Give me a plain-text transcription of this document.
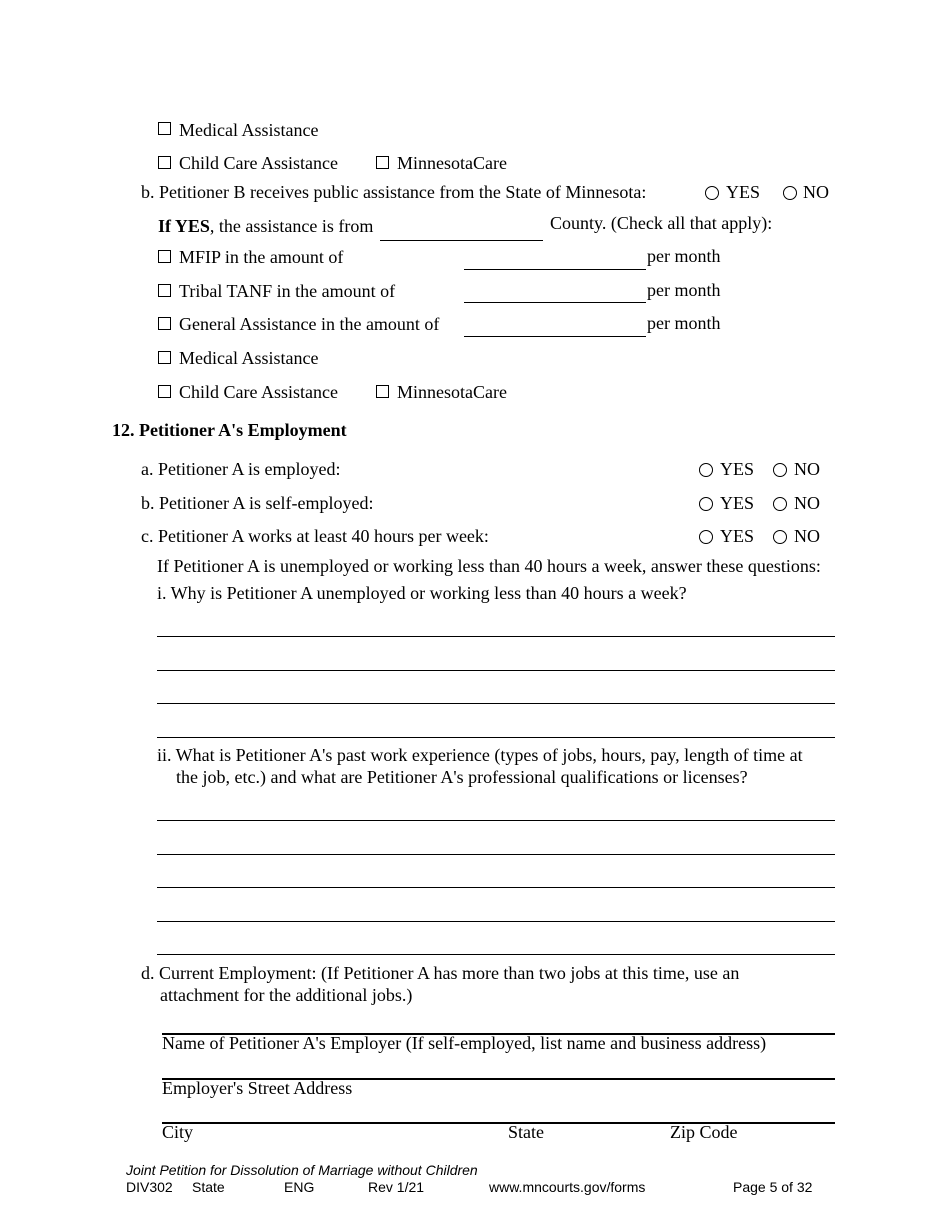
Medical Assistance
Child Care Assistance	MinnesotaCare
b. Petitioner B receives public assistance from the State of Minnesota:	YES NO
If YES, the assistance is from	County. (Check all that apply):
MFIP in the amount of	per month
Tribal TANF in the amount of	per month
General Assistance in the amount of	per month
Medical Assistance
Child Care Assistance	MinnesotaCare
12. Petitioner A's Employment
a. Petitioner A is employed:	YES NO
b. Petitioner A is self-employed:	YES NO
c. Petitioner A works at least 40 hours per week:	YES NO
If Petitioner A is unemployed or working less than 40 hours a week, answer these questions:
i. Why is Petitioner A unemployed or working less than 40 hours a week?
ii. What is Petitioner A's past work experience (types of jobs, hours, pay, length of time at
the job, etc.) and what are Petitioner A's professional qualifications or licenses?
d. Current Employment: (If Petitioner A has more than two jobs at this time, use an
attachment for the additional jobs.)
Name of Petitioner A's Employer (If self-employed, list name and business address)
Employer's Street Address
City	State	Zip Code
Joint Petition for Dissolution of Marriage without Children
DIV302 State	ENG	Rev 1/21	www.mncourts.gov/forms	Page 5 of 32
